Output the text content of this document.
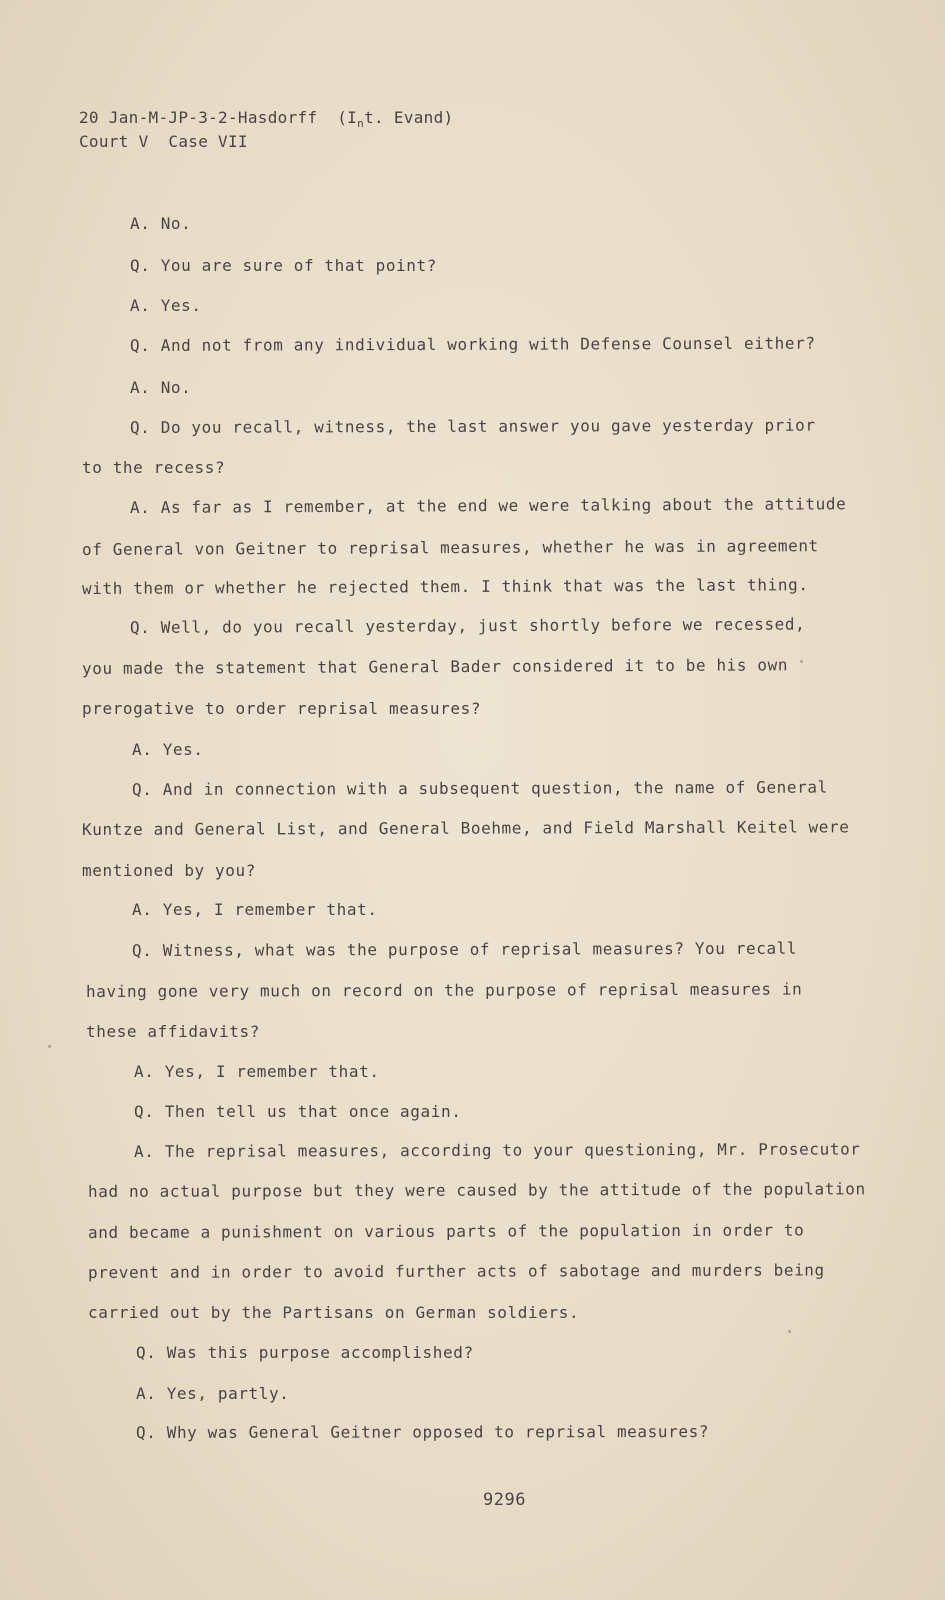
20 Jan-M-JP-3-2-Hasdorff  ($I_nt$. Evand)
Court V  Case VII
A. No.
Q. You are sure of that point?
A. Yes.
Q. And not from any individual working with Defense Counsel either?
A. No.
Q. Do you recall, witness, the last answer you gave yesterday prior
to the recess?
A. As far as I remember, at the end we were talking about the attitude
of General von Geitner to reprisal measures, whether he was in agreement
with them or whether he rejected them. I think that was the last thing.
Q. Well, do you recall yesterday, just shortly before we recessed,
you made the statement that General Bader considered it to be his own
prerogative to order reprisal measures?
A. Yes.
Q. And in connection with a subsequent question, the name of General
Kuntze and General List, and General Boehme, and Field Marshall Keitel were
mentioned by you?
A. Yes, I remember that.
Q. Witness, what was the purpose of reprisal measures? You recall
having gone very much on record on the purpose of reprisal measures in
these affidavits?
A. Yes, I remember that.
Q. Then tell us that once again.
A. The reprisal measures, according to your questioning, Mr. Prosecutor
had no actual purpose but they were caused by the attitude of the population
and became a punishment on various parts of the population in order to
prevent and in order to avoid further acts of sabotage and murders being
carried out by the Partisans on German soldiers.
Q. Was this purpose accomplished?
A. Yes, partly.
Q. Why was General Geitner opposed to reprisal measures?
9296
